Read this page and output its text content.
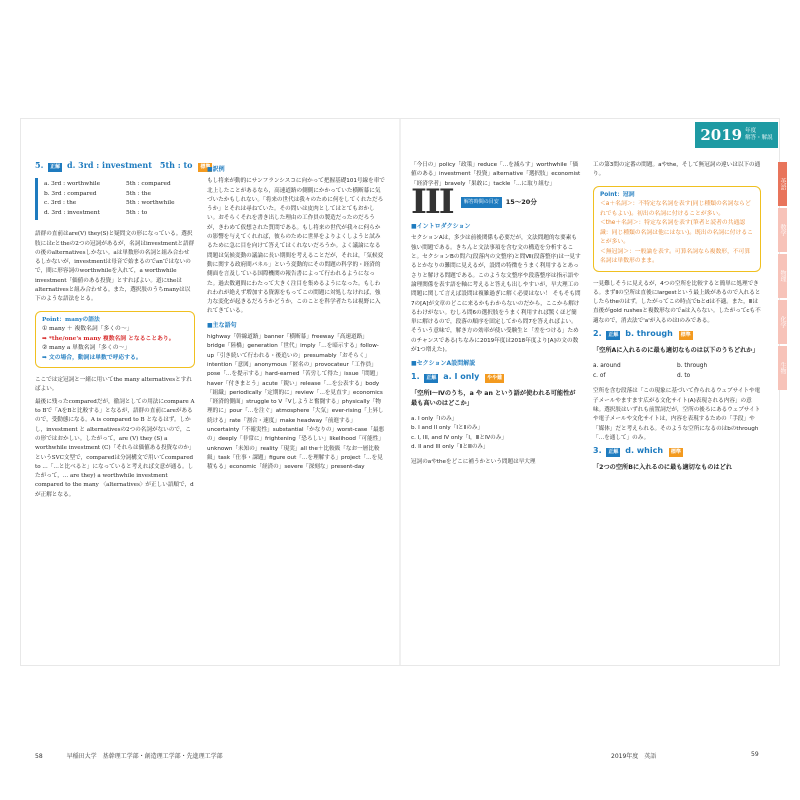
5. 正解 d. 3rd : investment　5th : to 標準
a. 3rd : worthwhile	5th : compared
b. 3rd : compared	5th : the
c. 3rd : the	5th : worthwhile
d. 3rd : investment	5th : to

語群の直前はare(V) they(S)と疑問文の形になっている。選択肢にはcとtheの2つの冠詞があるが，名詞はinvestmentと語群の後のalternativesしかない。aは単数形の名詞と組み合わせるしかないが，investmentは母音で始まるのでanではないので，間に形容詞のworthwhileを入れて，a worthwhile investment「価値のある投資」とすればよい。道にtheはalternativesと組み合わせる。また，選択肢のうちmanyは以下のような語法をとる。

Point：manyの語法
① many ＋ 複数名詞「多くの～」
➡ *the/one's many 複数名詞 となることあり。
② many a 単数名詞「多くの～」
➡ 文の場合，動詞は単数で呼応する。

ここでは定冠詞と一緒に用いてthe many alternativesとすればよい。

最後に残ったcomparedだが，徹詞としての用法にcompare A to Bで「AをBと比較する」となるが，語群の直前にareがあるので，受動態になる。A is compared to B となるはず。しかし，investment と alternativesの2つの名詞がないので，この形ではおかしい。したがって，are (V) they (S) a worthwhile investment (C)「それらは価値ある投資なのか」というSVC文型で，comparedは分詞構文で用いてcompared to ...「…と比べると」になっていると考えれば文意が通る。したがって，... are they) a worthwhile investment compared to the many 〈alternatives〉が正しい語順で，dが正解となる。

■訳例

もし将来が動的にサンフランシスコに向かって把握基礎101号線を車で北上したことがあるなら，高速道路の側側にかかっていた横断幕に気づいたかもしれない。「将来の世代は我々のために何をしてくれただろうか」とそれは尋ねていた。その問いは皮肉としてはとてもおかしい。おそらくそれを書き出した理由の工作員の製造だったのだろうが，きわめて仮想された質問である。もし将来の世代が我々に何らかの影響を与えてくれれば，彼らのために世界をよりよくしようと試みるために急に目を向けて答えてはくれないだろうか。よく議論になる問題は気候変動の議論に長い期間を考えることだが，それは，「気候変動に関する政府間パネル」という変動的にその問題の科学的・経済的側面を言及している国際機関の報告書によって行われるようになった。過去数週間にわたって大きく注目を集めるようになった。もしわれわれが絶えず増加する資源をもってこの問題に対処しなければ，強力な変化が起きるだろうかどうか，このことを科学者たちは視野に入れてきている。

■主な語句

highway「幹線道路」banner「横断幕」freeway「高速道路」bridge「陸橋」generation「世代」imply「…を暗示する」follow-up「引き続いて行われる・後追いの」presumably「おそらく」intention「意図」anonymous「匿名の」provocateur「工作員」pose「…を提示する」hard-earned「苦労して得た」issue「問題」haver「付きまとう」acute「鋭い」release「…を公表する」body「組織」periodically「定期的に」review「…を見直す」economics「経済的側面」struggle to V「Vしようと奮闘する」physically「物理的に」pour「…を注ぐ」atmosphere「大気」ever-rising「上昇し続ける」rate「割合・速度」make headway「前進する」uncertainty「不確実性」substantial「かなりの」worst-case「最悪の」deeply「非常に」frightening「恐ろしい」likelihood「可能性」unknown「未知の」reality「現実」all the＋比較級「なお一層比較級」task「仕事・課題」figure out「…を理解する」project「…を見積もる」economic「経済の」severe「深刻な」present-day

58　　　　早稲田大学　基幹理工学部・創造理工学部・先進理工学部

「今日の」policy「政策」reduce「…を減らす」worthwhile「価値のある」investment「投資」alternative「選択肢」economist「経済学者」bravely「果敢に」tackle「…に取り組む」

III	解答時間の目安	15～20分
■イントロダクション

セクションAは，多少は前後関係も必要だが，文法問題的な要素も強い問題である。きちんと文法事項を含む文の構造を分析すること。セクションBの問六(段落内の文整序)と問Ⅶ(段落整序)は一見するとかなりの難問に見えるが，設問の特徴をうまく利用するとあっさりと解ける問題である。このような文整序や段落整序は指示語や論理関係を表す語を軸に考えると答えも出しやすいが，早大理工の問題に関して言えば設問は複雑過ぎに解く必要はない！ そもそも問7の[A]が文章のどこに来るかもわからないのだから，ここから解けるわけがない。むしろ問6の選択肢をうまく利用すれば驚くほど簡単に解けるので，段落の順序を固定してから問7を答えればよい。そういう意味で，解き方の効率が使い受験生と「差をつける」ためのチャンスである(ちなみに2019年度は2018年度より[A]の文の数が1つ増えた)。

■セクションA設問解説
1. 正解 a. I only やや難
「空所Ⅰ〜Ⅳのうち，a や an という語が使われる可能性が最も高いのはどこか」
a. I only「Ⅰのみ」
b. I and II only「ⅠとⅡのみ」
c. I, III, and IV only「Ⅰ，ⅢとⅣのみ」
d. II and III only「ⅡとⅢのみ」

冠詞のaやtheをどこに補うかという問題は早大理

工の第3問の定番の問題。aやthe，そして無冠詞の違いは以下の通り。

Point：冠詞
＜a＋名詞＞：不特定な名詞を表す(同じ種類の名詞ならどれでもよい)。初出の名詞に付けることが多い。
＜the＋名詞＞：特定な名詞を表す(筆者と読者の共通認識：同じ種類の名詞は他にはない)。既出の名詞に付けることが多い。
＜無冠詞＞：一般論を表す。可算名詞なら複数形，不可算名詞は単数形のまま。

一見難しそうに見えるが，4つの空所を比較すると簡単に処理できる。まずⅡの空所は直後にlargestという最上級があるので入れるとしたらtheのはず。したがってこの時点でbとdは不適。また，Ⅲは直後がgold rushesと複数形なのでaは入らない。したがってcも不適なので，消去法で'a'が入るのはⅠのみである。

2. 正解 b. through 標準
「空所Aに入れるのに最も適切なものは以下のうちどれか」
a. around	b. through
c. of	d. to

空所を含む段落は「この現象に基づいて作られるウェブサイトや電子メールやますます広がる文化サイト(A)表現される内容」の意味。選択肢はいずれも前置詞だが，空所の後ろにあるウェブサイトや電子メールや文化サイトは，内容を表現するための「手段」や「媒体」だと考えられる。そのような空所になるのはbのthrough「…を通して」のみ。

3. 正解 d. which 標準
「2つの空所Bに入れるのに最も適切なものはどれ
2019年度　英語	59
2019 年度
解答・解説
英語
数学
物理
化学
生物
